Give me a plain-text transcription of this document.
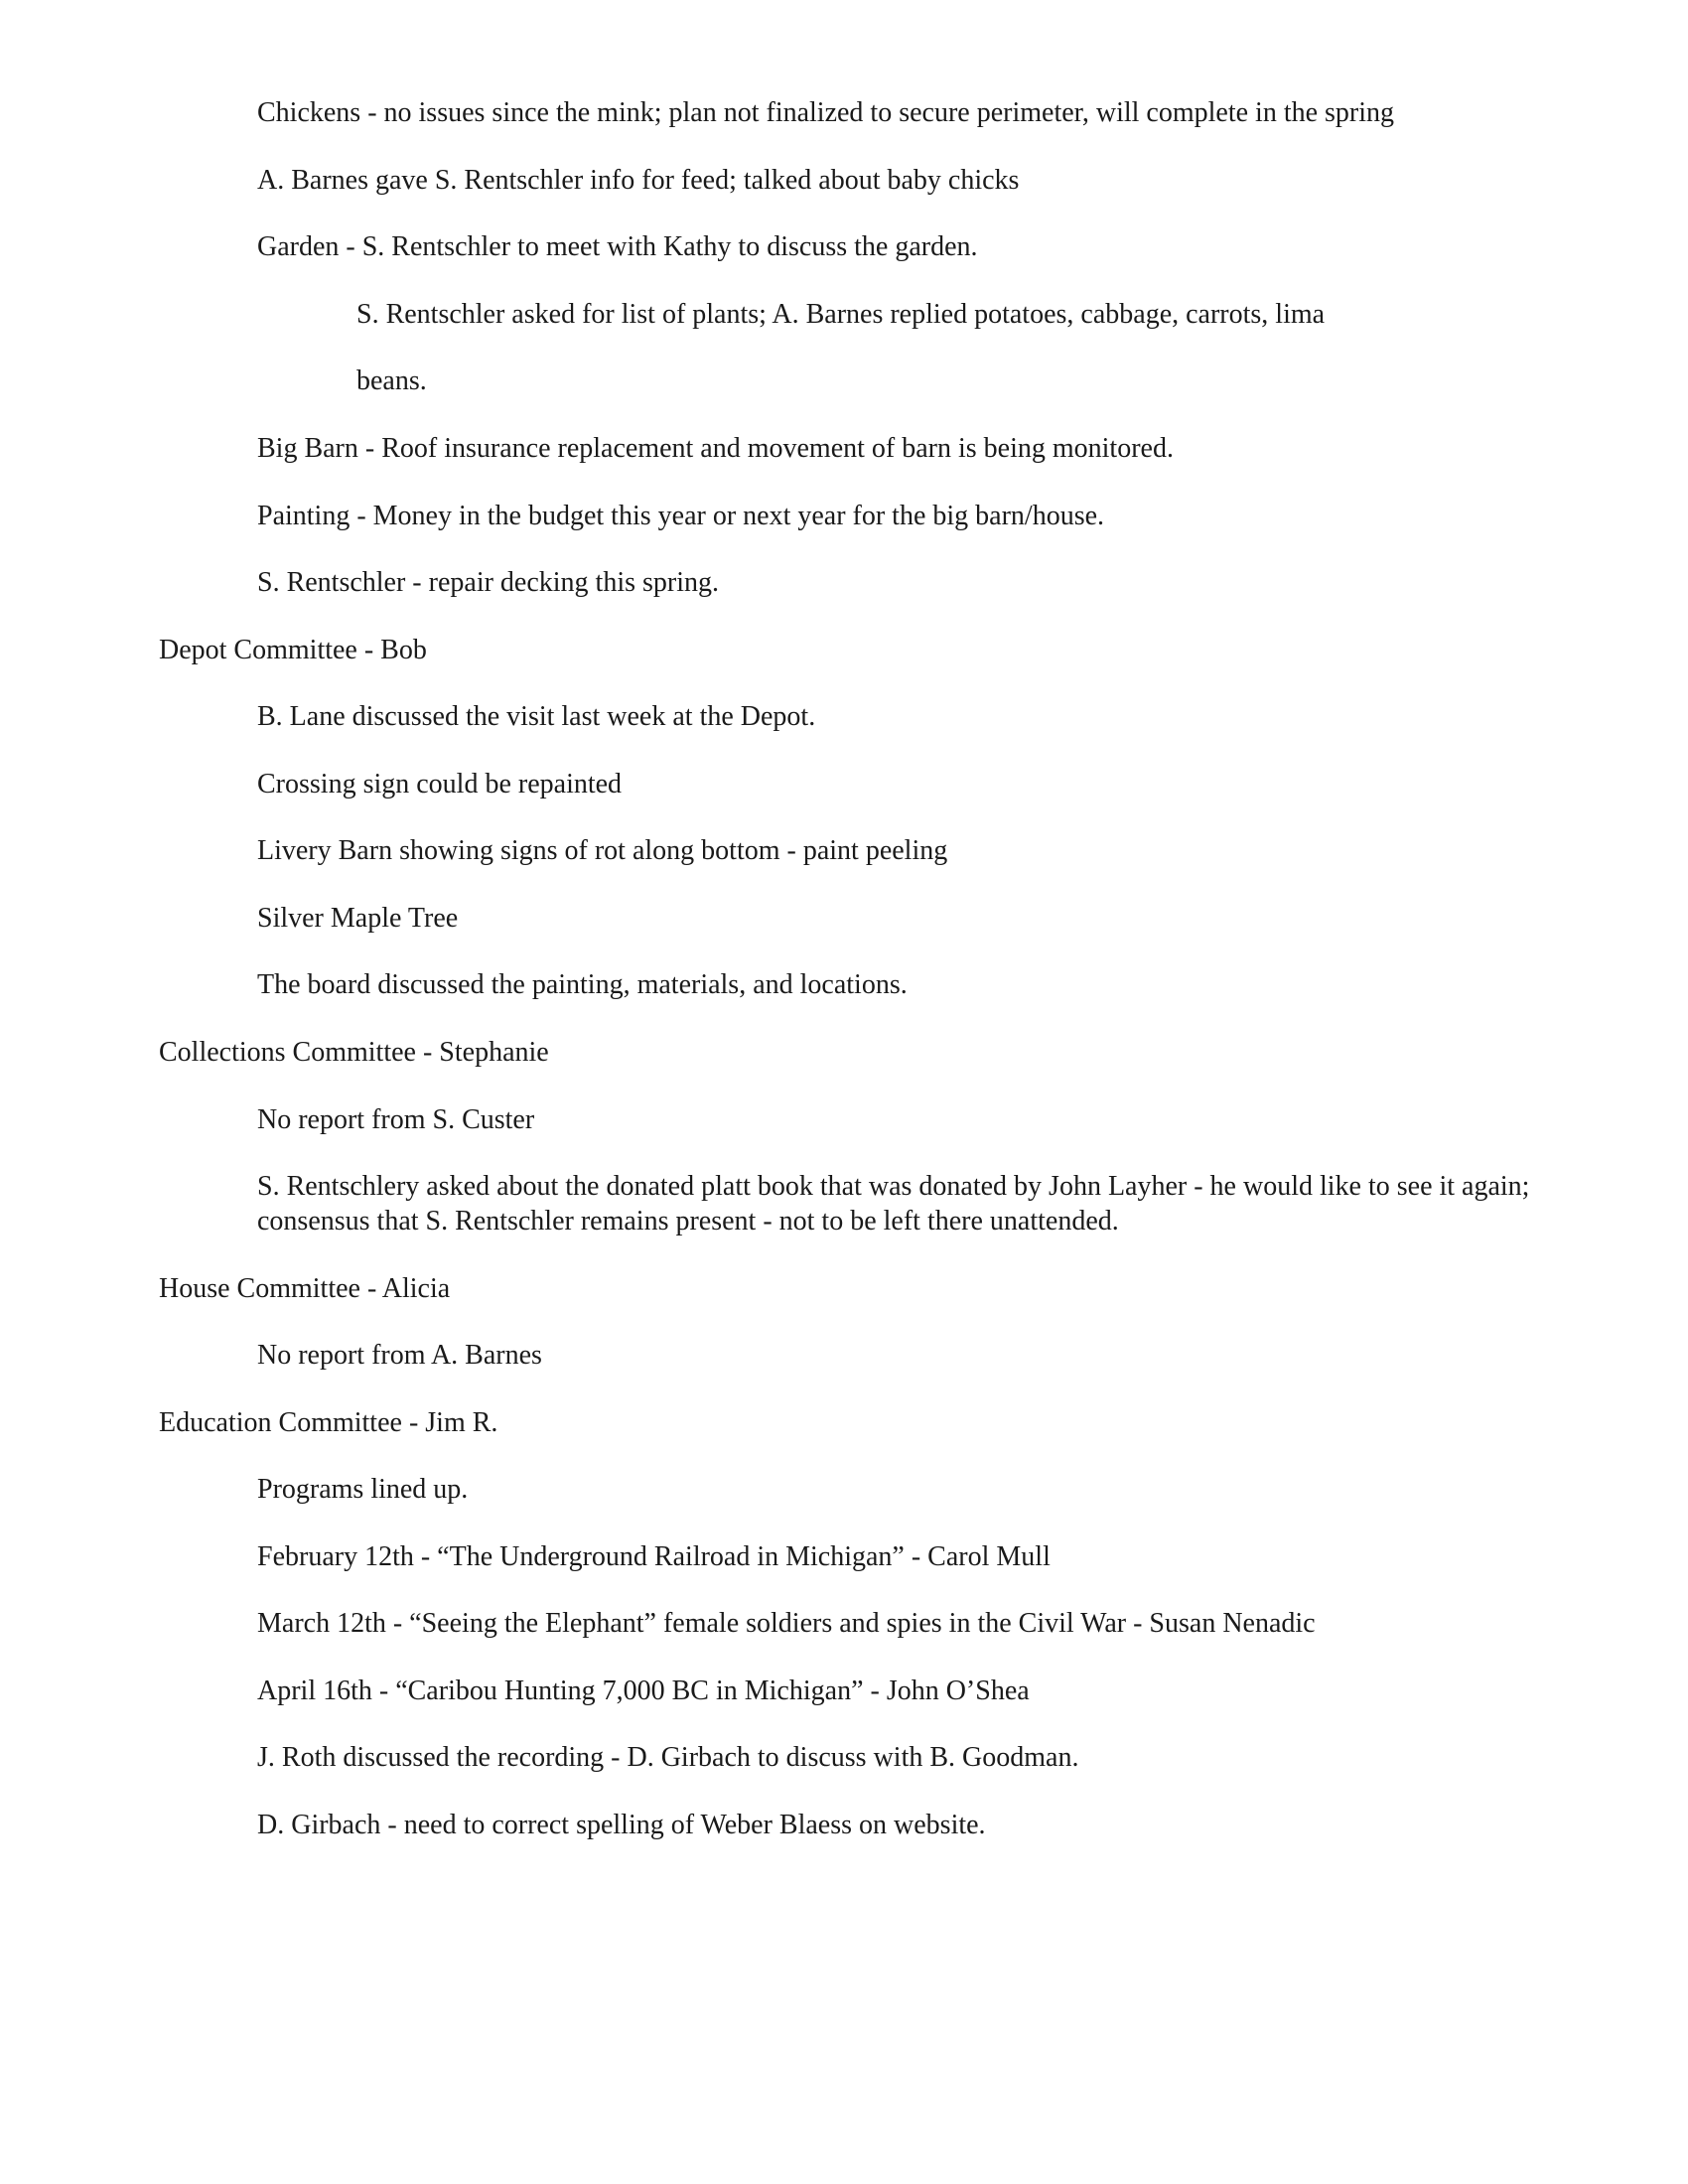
Chickens - no issues since the mink; plan not finalized to secure perimeter, will complete in the spring

A. Barnes gave S. Rentschler info for feed; talked about baby chicks

Garden - S. Rentschler to meet with Kathy to discuss the garden.

S. Rentschler asked for list of plants; A. Barnes replied potatoes, cabbage, carrots, lima

beans.

Big Barn - Roof insurance replacement and movement of barn is being monitored.

Painting - Money in the budget this year or next year for the big barn/house.

S. Rentschler - repair decking this spring.

Depot Committee - Bob

B. Lane discussed the visit last week at the Depot.

Crossing sign could be repainted

Livery Barn showing signs of rot along bottom - paint peeling

Silver Maple Tree

The board discussed the painting, materials, and locations.

Collections Committee - Stephanie

No report from S. Custer

S. Rentschlery asked about the donated platt book that was donated by John Layher - he would like to see it again; consensus that S. Rentschler remains present - not to be left there unattended.

House Committee - Alicia

No report from A. Barnes

Education Committee - Jim R.

Programs lined up.

February 12th - “The Underground Railroad in Michigan” - Carol Mull

March 12th - “Seeing the Elephant” female soldiers and spies in the Civil War - Susan Nenadic

April 16th - “Caribou Hunting 7,000 BC in Michigan” - John O’Shea

J. Roth discussed the recording - D. Girbach to discuss with B. Goodman.

D. Girbach - need to correct spelling of Weber Blaess on website.
